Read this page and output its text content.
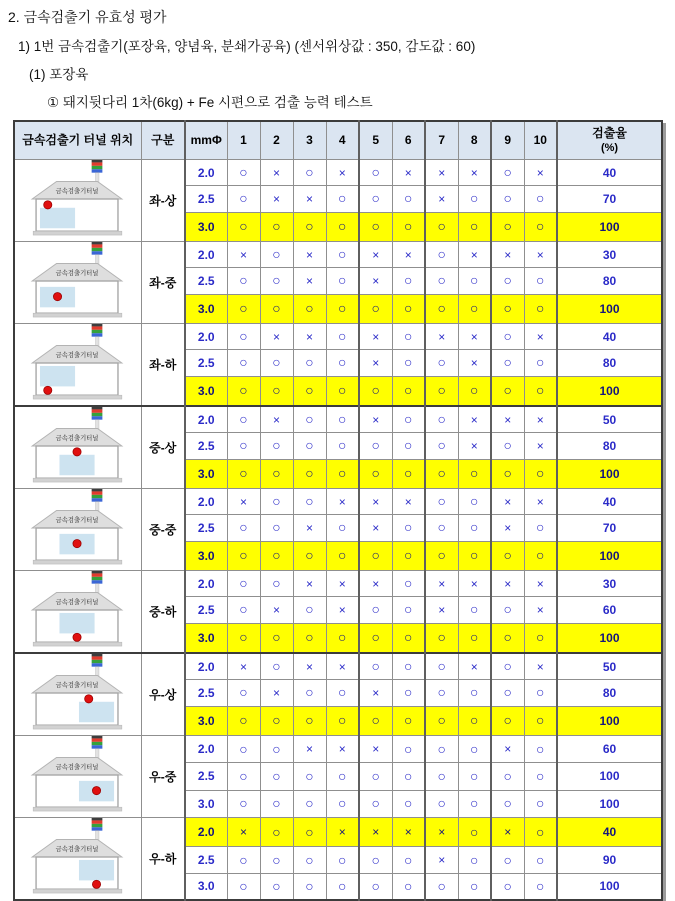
2. 금속검출기 유효성 평가
1) 1번 금속검출기(포장육, 양념육, 분쇄가공육) (센서위상값 : 350, 감도값 : 60)
(1) 포장육
① 돼지뒷다리 1차(6kg) + Fe 시편으로 검출 능력 테스트
금속검출기 터널 위치	구분	mmΦ	1	2	3	4	5	6	7	8	9	10	검출율
(%)

금속검출기터널	좌-상	2.0	○	×	○	×	○	×	×	×	○	×	40
		2.5	○	×	×	○	○	○	×	○	○	○	70
		3.0	○	○	○	○	○	○	○	○	○	○	100

금속검출기터널	좌-중	2.0	×	○	×	○	×	×	○	×	×	×	30
		2.5	○	○	×	○	×	○	○	○	○	○	80
		3.0	○	○	○	○	○	○	○	○	○	○	100

금속검출기터널	좌-하	2.0	○	×	×	○	×	○	×	×	○	×	40
		2.5	○	○	○	○	×	○	○	×	○	○	80
		3.0	○	○	○	○	○	○	○	○	○	○	100

금속검출기터널	중-상	2.0	○	×	○	○	×	○	○	×	×	×	50
		2.5	○	○	○	○	○	○	○	×	○	×	80
		3.0	○	○	○	○	○	○	○	○	○	○	100

금속검출기터널	중-중	2.0	×	○	○	×	×	×	○	○	×	×	40
		2.5	○	○	×	○	×	○	○	○	×	○	70
		3.0	○	○	○	○	○	○	○	○	○	○	100

금속검출기터널	중-하	2.0	○	○	×	×	×	○	×	×	×	×	30
		2.5	○	×	○	×	○	○	×	○	○	×	60
		3.0	○	○	○	○	○	○	○	○	○	○	100

금속검출기터널	우-상	2.0	×	○	×	×	○	○	○	×	○	×	50
		2.5	○	×	○	○	×	○	○	○	○	○	80
		3.0	○	○	○	○	○	○	○	○	○	○	100

금속검출기터널	우-중	2.0	○	○	×	×	×	○	○	○	×	○	60
		2.5	○	○	○	○	○	○	○	○	○	○	100
		3.0	○	○	○	○	○	○	○	○	○	○	100

금속검출기터널	우-하	2.0	×	○	○	×	×	×	×	○	×	○	40
		2.5	○	○	○	○	○	○	×	○	○	○	90
		3.0	○	○	○	○	○	○	○	○	○	○	100
